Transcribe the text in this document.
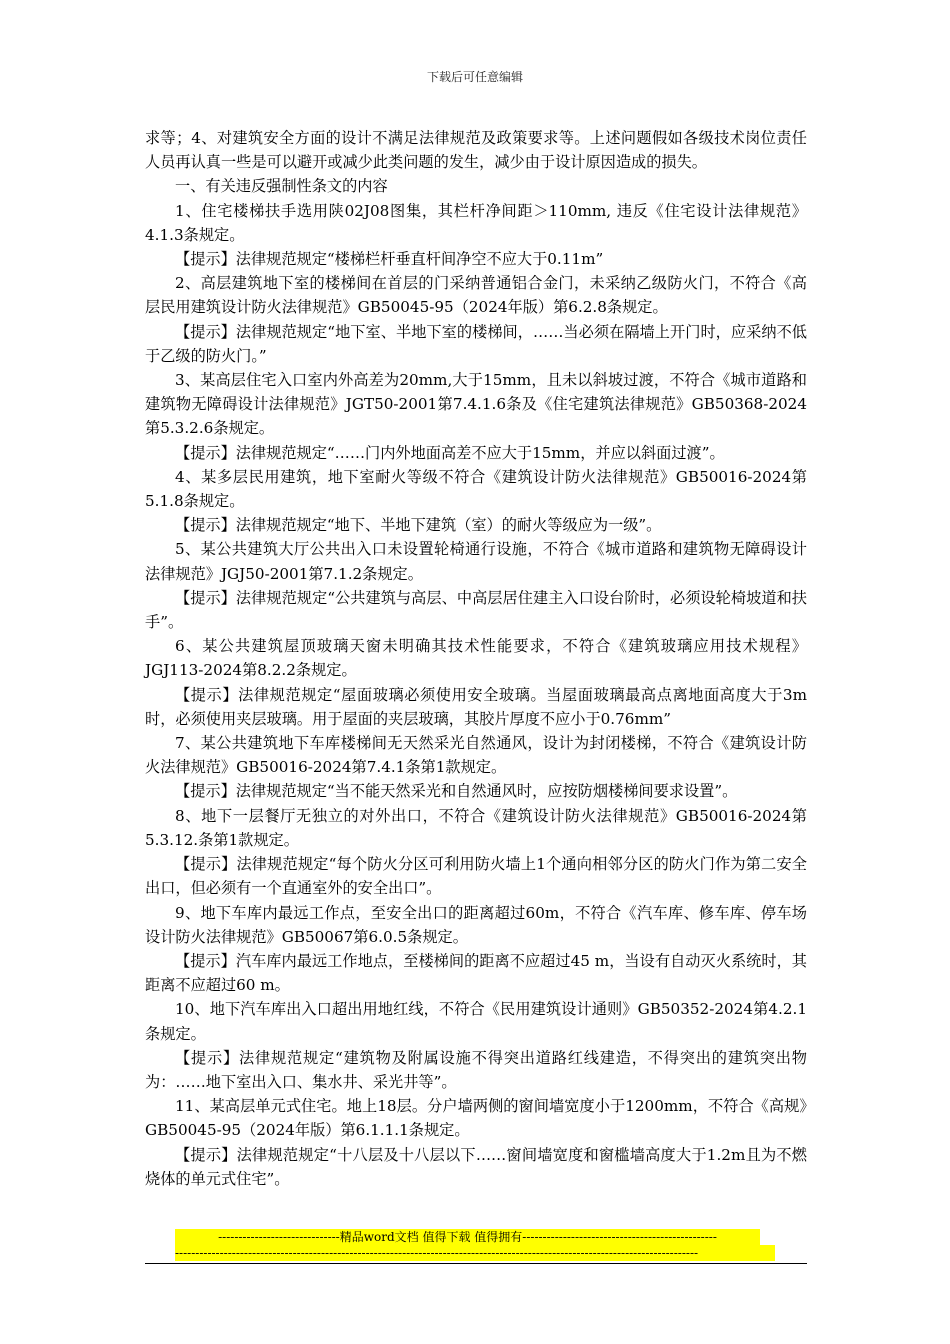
下载后可任意编辑

求等；4、对建筑安全方面的设计不满足法律规范及政策要求等。上述问题假如各级技术岗位责任人员再认真一些是可以避开或减少此类问题的发生，减少由于设计原因造成的损失。

一、有关违反强制性条文的内容

1、住宅楼梯扶手选用陕02J08图集，其栏杆净间距＞110mm, 违反《住宅设计法律规范》4.1.3条规定。

【提示】法律规范规定“楼梯栏杆垂直杆间净空不应大于0.11m”

2、高层建筑地下室的楼梯间在首层的门采纳普通铝合金门，未采纳乙级防火门，不符合《高层民用建筑设计防火法律规范》GB50045-95（2024年版）第6.2.8条规定。

【提示】法律规范规定“地下室、半地下室的楼梯间，……当必须在隔墙上开门时，应采纳不低于乙级的防火门。”

3、某高层住宅入口室内外高差为20mm,大于15mm，且未以斜坡过渡，不符合《城市道路和建筑物无障碍设计法律规范》JGT50-2001第7.4.1.6条及《住宅建筑法律规范》GB50368-2024第5.3.2.6条规定。

【提示】法律规范规定“……门内外地面高差不应大于15mm，并应以斜面过渡”。

4、某多层民用建筑，地下室耐火等级不符合《建筑设计防火法律规范》GB50016-2024第5.1.8条规定。

【提示】法律规范规定“地下、半地下建筑（室）的耐火等级应为一级”。

5、某公共建筑大厅公共出入口未设置轮椅通行设施，不符合《城市道路和建筑物无障碍设计法律规范》JGJ50-2001第7.1.2条规定。

【提示】法律规范规定“公共建筑与高层、中高层居住建主入口设台阶时，必须设轮椅坡道和扶手”。

6、某公共建筑屋顶玻璃天窗未明确其技术性能要求，不符合《建筑玻璃应用技术规程》JGJ113-2024第8.2.2条规定。

【提示】法律规范规定“屋面玻璃必须使用安全玻璃。当屋面玻璃最高点离地面高度大于3m时，必须使用夹层玻璃。用于屋面的夹层玻璃，其胶片厚度不应小于0.76mm”

7、某公共建筑地下车库楼梯间无天然采光自然通风，设计为封闭楼梯，不符合《建筑设计防火法律规范》GB50016-2024第7.4.1条第1款规定。

【提示】法律规范规定“当不能天然采光和自然通风时，应按防烟楼梯间要求设置”。

8、地下一层餐厅无独立的对外出口，不符合《建筑设计防火法律规范》GB50016-2024第5.3.12.条第1款规定。

【提示】法律规范规定“每个防火分区可利用防火墙上1个通向相邻分区的防火门作为第二安全出口，但必须有一个直通室外的安全出口”。

9、地下车库内最远工作点，至安全出口的距离超过60m，不符合《汽车库、修车库、停车场设计防火法律规范》GB50067第6.0.5条规定。

【提示】汽车库内最远工作地点，至楼梯间的距离不应超过45 m，当设有自动灭火系统时，其距离不应超过60 m。

10、地下汽车库出入口超出用地红线，不符合《民用建筑设计通则》GB50352-2024第4.2.1条规定。

【提示】法律规范规定“建筑物及附属设施不得突出道路红线建造，不得突出的建筑突出物为：……地下室出入口、集水井、采光井等”。

11、某高层单元式住宅。地上18层。分户墙两侧的窗间墙宽度小于1200mm，不符合《高规》GB50045-95（2024年版）第6.1.1.1条规定。

【提示】法律规范规定“十八层及十八层以下……窗间墙宽度和窗槛墙高度大于1.2m且为不燃烧体的单元式住宅”。

------------------------------精品word文档 值得下载 值得拥有------------------------------------------------
---------------------------------------------------------------------------------------------------------------------------------
